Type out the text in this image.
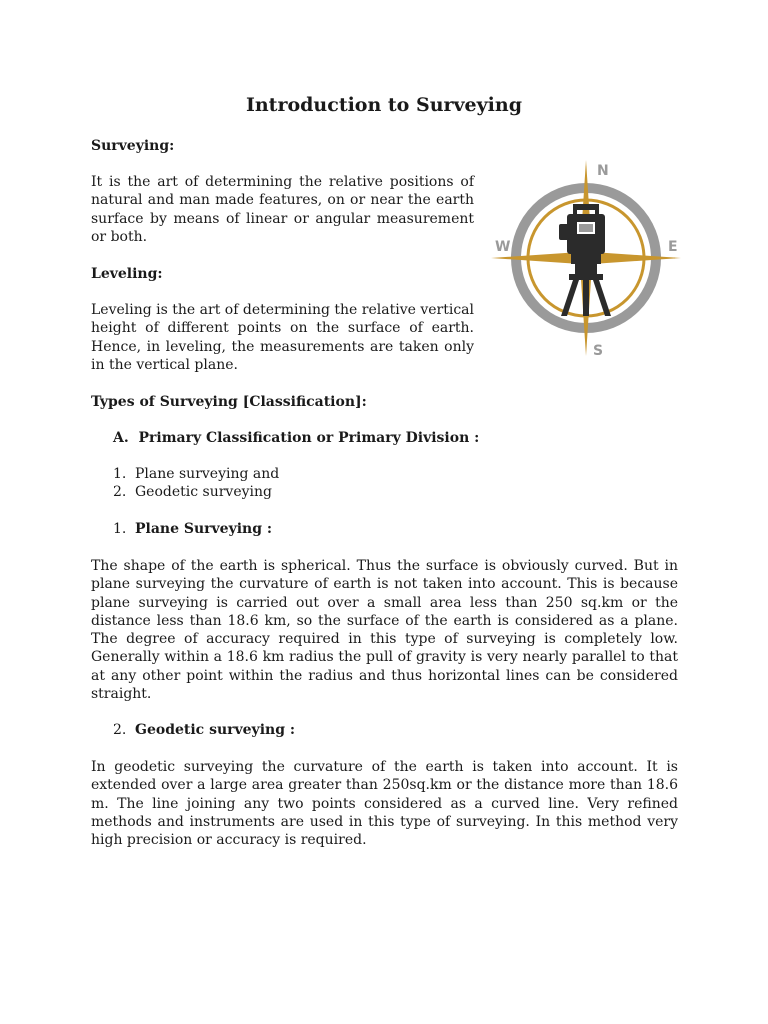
Introduction to Surveying

Surveying:

It is the art of determining the relative positions of natural and man made features, on or near the earth surface by means of linear or angular measurement or both.

Leveling:

Leveling is the art of determining the relative vertical height of different points on the surface of earth. Hence, in leveling, the measurements are taken only in the vertical plane.

Types of Surveying [Classification]:

A.  Primary Classification or Primary Division :

1. Plane surveying and
2. Geodetic surveying

1. Plane Surveying :

The shape of the earth is spherical. Thus the surface is obviously curved. But in plane surveying the curvature of earth is not taken into account. This is because plane surveying is carried out over a small area less than 250 sq.km or the distance less than 18.6 km, so the surface of the earth is considered as a plane. The degree of accuracy required in this type of surveying is completely low. Generally within a 18.6 km radius the pull of gravity is very nearly parallel to that at any other point within the radius and thus horizontal lines can be considered straight.

2. Geodetic surveying :

In geodetic surveying the curvature of the earth is taken into account. It is extended over a large area greater than 250sq.km or the distance more than 18.6 m. The line joining any two points considered as a curved line. Very refined methods and instruments are used in this type of surveying. In this method very high precision or accuracy is required.

N
S
W	E
